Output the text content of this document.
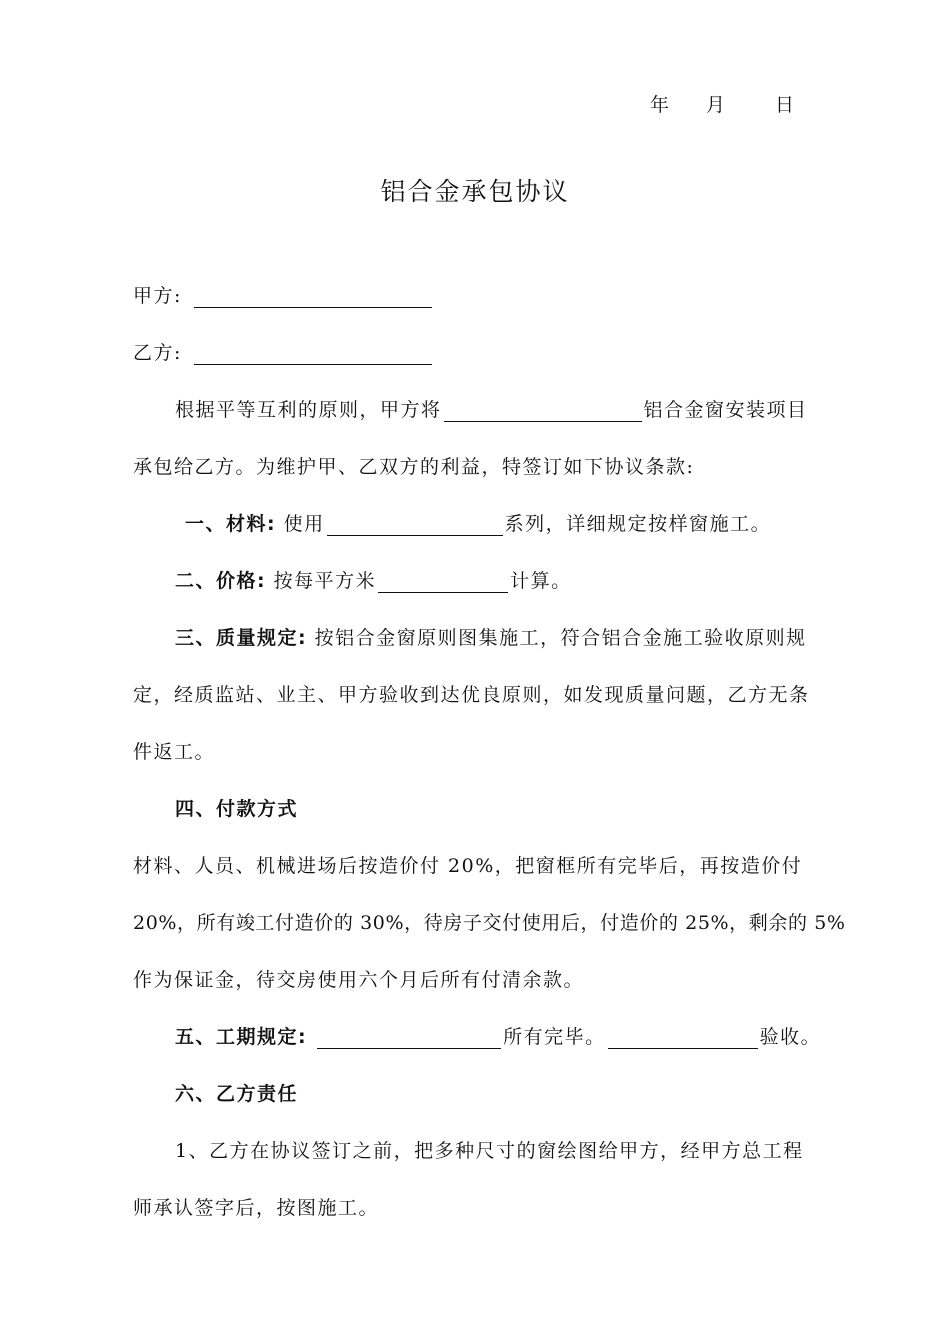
年 月	日
铝合金承包协议
甲方:
乙方:
根据平等互利的原则，甲方将	铝合金窗安装项目
承包给乙方。为维护甲、乙双方的利益，特签订如下协议条款:
一、材料: 使用	系列，详细规定按样窗施工。
二、价格: 按每平方米	计算。
三、质量规定: 按铝合金窗原则图集施工，符合铝合金施工验收原则规
定，经质监站、业主、甲方验收到达优良原则，如发现质量问题，乙方无条
件返工。
四、付款方式
材料、人员、机械进场后按造价付 20%，把窗框所有完毕后，再按造价付
20%，所有竣工付造价的 30%，待房子交付使用后，付造价的 25%，剩余的 5%
作为保证金，待交房使用六个月后所有付清余款。
五、工期规定:	所有完毕。	验收。
六、乙方责任
1、乙方在协议签订之前，把多种尺寸的窗绘图给甲方，经甲方总工程
师承认签字后，按图施工。
